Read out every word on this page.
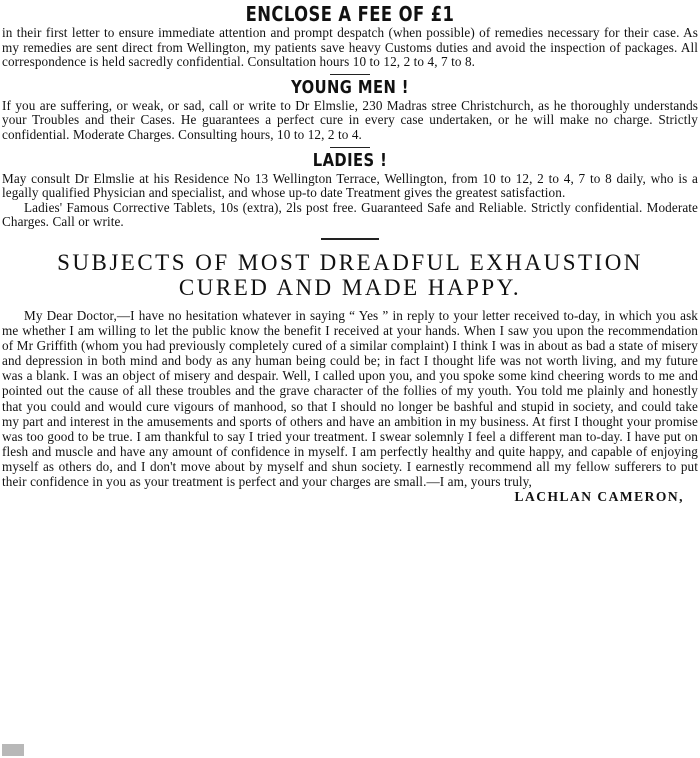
ENCLOSE A FEE OF £1

in their first letter to ensure immediate attention and prompt despatch (when possible) of remedies necessary for their case. As my remedies are sent direct from Wellington, my patients save heavy Customs duties and avoid the inspection of packages. All correspondence is held sacredly confidential. Consultation hours 10 to 12, 2 to 4, 7 to 8.

YOUNG MEN !

If you are suffering, or weak, or sad, call or write to Dr Elmslie, 230 Madras stree Christchurch, as he thoroughly understands your Troubles and their Cases. He guarantees a perfect cure in every case undertaken, or he will make no charge. Strictly confidential. Moderate Charges. Consulting hours, 10 to 12, 2 to 4.

LADIES !

May consult Dr Elmslie at his Residence No 13 Wellington Terrace, Wellington, from 10 to 12, 2 to 4, 7 to 8 daily, who is a legally qualified Physician and specialist, and whose up-to date Treatment gives the greatest satisfaction.

Ladies' Famous Corrective Tablets, 10s (extra), 2ls post free. Guaranteed Safe and Reliable. Strictly confidential. Moderate Charges. Call or write.

SUBJECTS OF MOST DREADFUL EXHAUSTION
CURED AND MADE HAPPY.

My Dear Doctor,—I have no hesitation whatever in saying “ Yes ” in reply to your letter received to-day, in which you ask me whether I am willing to let the public know the benefit I received at your hands. When I saw you upon the recommendation of Mr Griffith (whom you had previously completely cured of a similar complaint) I think I was in about as bad a state of misery and depression in both mind and body as any human being could be; in fact I thought life was not worth living, and my future was a blank. I was an object of misery and despair. Well, I called upon you, and you spoke some kind cheering words to me and pointed out the cause of all these troubles and the grave character of the follies of my youth. You told me plainly and honestly that you could and would cure vigours of manhood, so that I should no longer be bashful and stupid in society, and could take my part and interest in the amusements and sports of others and have an ambition in my business. At first I thought your promise was too good to be true. I am thankful to say I tried your treatment. I swear solemnly I feel a different man to-day. I have put on flesh and muscle and have any amount of confidence in myself. I am perfectly healthy and quite happy, and capable of enjoying myself as others do, and I don't move about by myself and shun society. I earnestly recommend all my fellow sufferers to put their confidence in you as your treatment is perfect and your charges are small.—I am, yours truly,

LACHLAN CAMERON,
